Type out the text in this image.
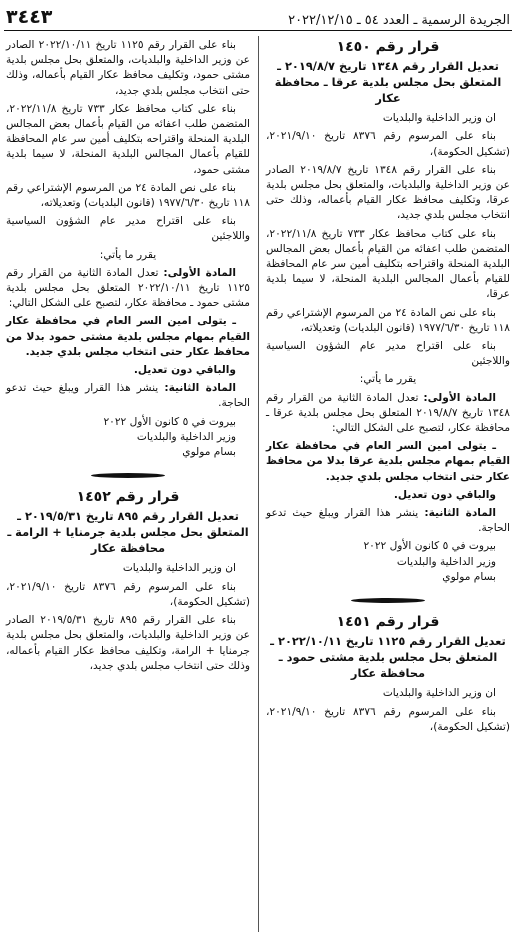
الجريدة الرسمية ـ العدد ٥٤ ـ ٢٠٢٢/١٢/١٥
٣٤٤٣
قرار رقم ١٤٥٠
تعديل القرار رقم ١٣٤٨ تاريخ ٢٠١٩/٨/٧ ـ المتعلق بحل مجلس بلدية عرقا ـ محافظة عكار

ان وزير الداخلية والبلديات

بناء على المرسوم رقم ٨٣٧٦ تاريخ ٢٠٢١/٩/١٠، (تشكيل الحكومة)،

بناء على القرار رقم ١٣٤٨ تاريخ ٢٠١٩/٨/٧ الصادر عن وزير الداخلية والبلديات، والمتعلق بحل مجلس بلدية عرقا، وتكليف محافظ عكار القيام بأعماله، وذلك حتى انتخاب مجلس بلدي جديد،

بناء على كتاب محافظ عكار ٧٣٣ تاريخ ٢٠٢٢/١١/٨، المتضمن طلب اعفائه من القيام بأعمال بعض المجالس البلدية المنحلة واقتراحه بتكليف أمين سر عام المحافظة للقيام بأعمال المجالس البلدية المنحلة، لا سيما بلدية عرقا،

بناء على نص المادة ٢٤ من المرسوم الإشتراعي رقم ١١٨ تاريخ ١٩٧٧/٦/٣٠ (قانون البلديات) وتعديلاته،

بناء على اقتراح مدير عام الشؤون السياسية واللاجئين

يقرر ما يأتي:

المادة الأولى: تعدل المادة الثانية من القرار رقم ١٣٤٨ تاريخ ٢٠١٩/٨/٧ المتعلق بحل مجلس بلدية عرقا ـ محافظة عكار، لتصبح على الشكل التالي:

ـ يتولى امين السر العام في محافظة عكار القيام بمهام مجلس بلدية عرقا بدلا من محافظ عكار حتى انتخاب مجلس بلدي جديد.

والباقي دون تعديل.

المادة الثانية: ينشر هذا القرار ويبلغ حيث تدعو الحاجة.

بيروت في ٥ كانون الأول ٢٠٢٢

وزير الداخلية والبلديات

بسام مولوي

قرار رقم ١٤٥١
تعديل القرار رقم ١١٢٥ تاريخ ٢٠٢٢/١٠/١١ ـ المتعلق بحل مجلس بلدية مشتى حمود ـ محافظة عكار

ان وزير الداخلية والبلديات

بناء على المرسوم رقم ٨٣٧٦ تاريخ ٢٠٢١/٩/١٠، (تشكيل الحكومة)،

بناء على القرار رقم ١١٢٥ تاريخ ٢٠٢٢/١٠/١١ الصادر عن وزير الداخلية والبلديات، والمتعلق بحل مجلس بلدية مشتى حمود، وتكليف محافظ عكار القيام بأعماله، وذلك حتى انتخاب مجلس بلدي جديد،

بناء على كتاب محافظ عكار ٧٣٣ تاريخ ٢٠٢٢/١١/٨، المتضمن طلب اعفائه من القيام بأعمال بعض المجالس البلدية المنحلة واقتراحه بتكليف أمين سر عام المحافظة للقيام بأعمال المجالس البلدية المنحلة، لا سيما بلدية مشتى حمود،

بناء على نص المادة ٢٤ من المرسوم الإشتراعي رقم ١١٨ تاريخ ١٩٧٧/٦/٣٠ (قانون البلديات) وتعديلاته،

بناء على اقتراح مدير عام الشؤون السياسية واللاجئين

يقرر ما يأتي:

المادة الأولى: تعدل المادة الثانية من القرار رقم ١١٢٥ تاريخ ٢٠٢٢/١٠/١١ المتعلق بحل مجلس بلدية مشتى حمود ـ محافظة عكار، لتصبح على الشكل التالي:

ـ يتولى امين السر العام في محافظة عكار القيام بمهام مجلس بلدية مشتى حمود بدلا من محافظ عكار حتى انتخاب مجلس بلدي جديد.

والباقي دون تعديل.

المادة الثانية: ينشر هذا القرار ويبلغ حيث تدعو الحاجة.

بيروت في ٥ كانون الأول ٢٠٢٢

وزير الداخلية والبلديات

بسام مولوي

قرار رقم ١٤٥٢
تعديل القرار رقم ٨٩٥ تاريخ ٢٠١٩/٥/٣١ ـ المتعلق بحل مجلس بلدية جرمنايا + الرامة ـ محافظة عكار

ان وزير الداخلية والبلديات

بناء على المرسوم رقم ٨٣٧٦ تاريخ ٢٠٢١/٩/١٠، (تشكيل الحكومة)،

بناء على القرار رقم ٨٩٥ تاريخ ٢٠١٩/٥/٣١ الصادر عن وزير الداخلية والبلديات، والمتعلق بحل مجلس بلدية جرمنايا + الرامة، وتكليف محافظ عكار القيام بأعماله، وذلك حتى انتخاب مجلس بلدي جديد،
